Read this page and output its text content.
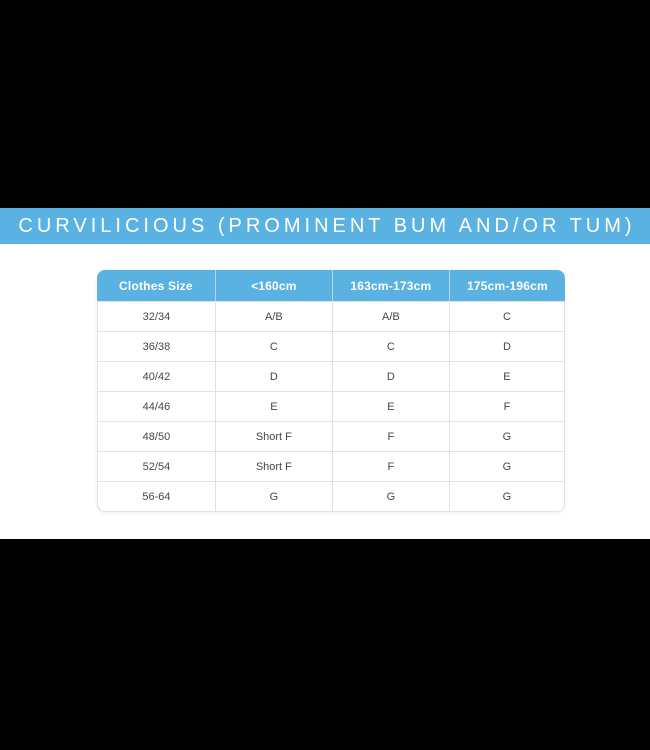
CURVILICIOUS (PROMINENT BUM AND/OR TUM)
Clothes Size	<160cm	163cm-173cm	175cm-196cm
32/34	A/B	A/B	C
36/38	C	C	D
40/42	D	D	E
44/46	E	E	F
48/50	Short F	F	G
52/54	Short F	F	G
56-64	G	G	G
